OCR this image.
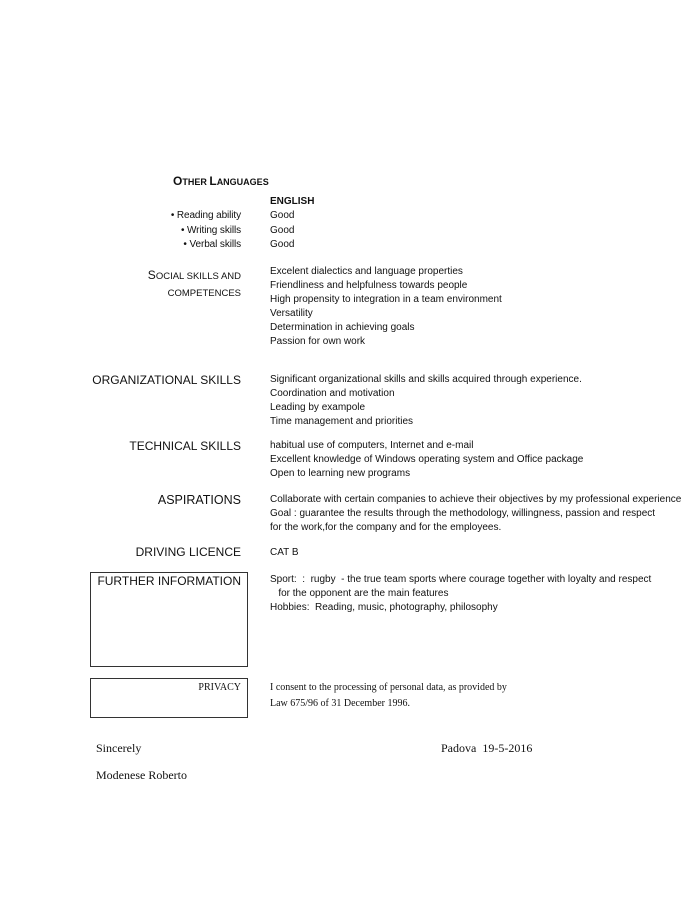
OTHER LANGUAGES
ENGLISH
• Reading ability	Good
• Writing skills	Good
• Verbal skills	Good
SOCIAL SKILLS AND
COMPETENCES
Excelent dialectics and language properties
Friendliness and helpfulness towards people
High propensity to integration in a team environment
Versatility
Determination in achieving goals
Passion for own work
ORGANIZATIONAL SKILLS	Significant organizational skills and skills acquired through experience.
Coordination and motivation
Leading by exampole
Time management and priorities
TECHNICAL SKILLS	habitual use of computers, Internet and e-mail
Excellent knowledge of Windows operating system and Office package
Open to learning new programs
ASPIRATIONS	Collaborate with certain companies to achieve their objectives by my professional experience
Goal : guarantee the results through the methodology, willingness, passion and respect
for the work,for the company and for the employees.
DRIVING LICENCE	CAT B
FURTHER INFORMATION	Sport:  :  rugby  - the true team sports where courage together with loyalty and respect
for the opponent are the main features
Hobbies:  Reading, music, photography, philosophy
PRIVACY	I consent to the processing of personal data, as provided by
Law 675/96 of 31 December 1996.
Sincerely	Padova  19-5-2016
Modenese Roberto
